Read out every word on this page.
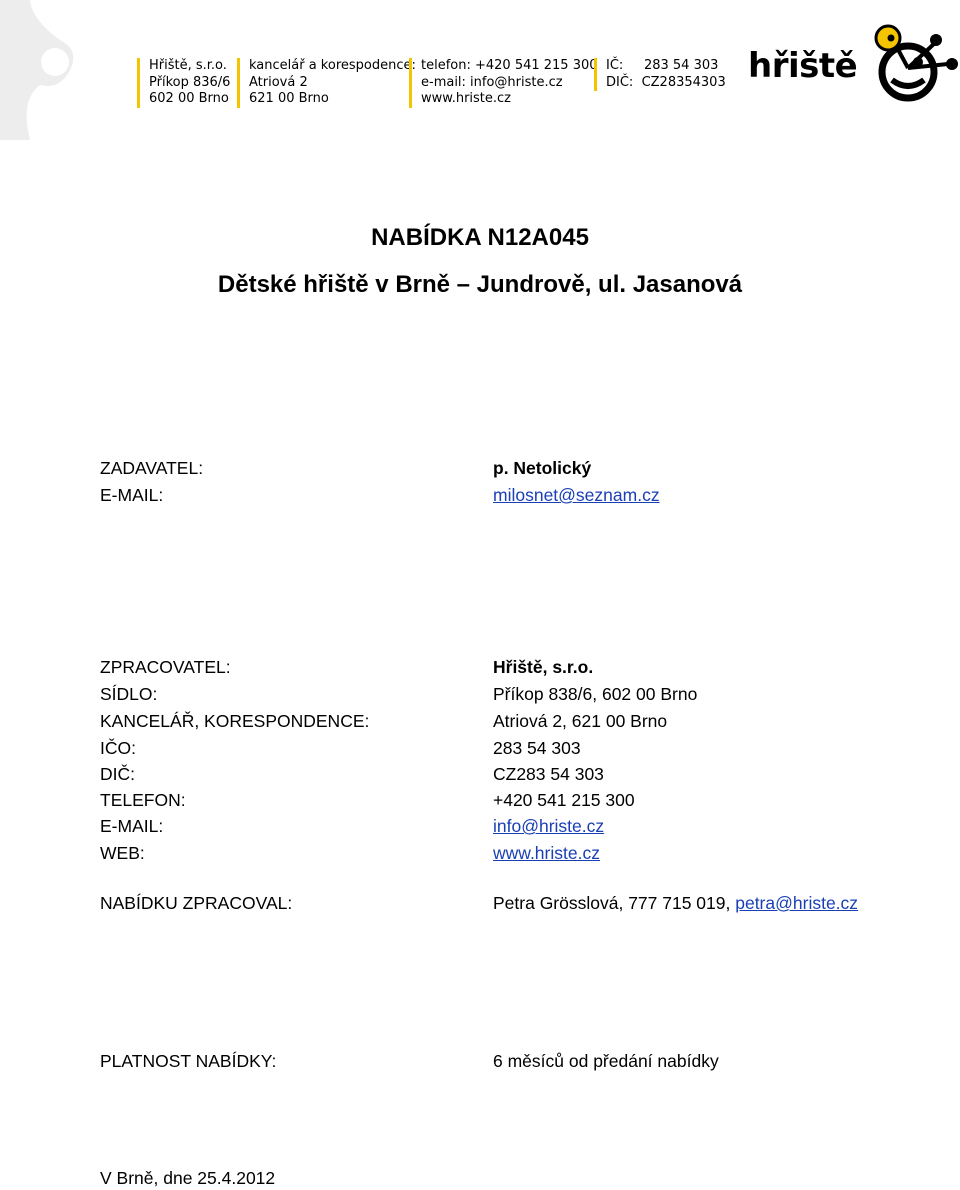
Hřiště, s.r.o.
Příkop 836/6
602 00 Brno
kancelář a korespodence:
Atriová 2
621 00 Brno
telefon: +420 541 215 300
e-mail: info@hriste.cz
www.hriste.cz
IČ:     283 54 303
DIČ:  CZ28354303 hřiště
NABÍDKA N12A045
Dětské hřiště v Brně – Jundrově, ul. Jasanová
ZADAVATEL:	p. Netolický
E-MAIL:	milosnet@seznam.cz
ZPRACOVATEL:	Hřiště, s.r.o.
SÍDLO:	Příkop 838/6, 602 00 Brno
KANCELÁŘ, KORESPONDENCE:	Atriová 2, 621 00 Brno
IČO:	283 54 303
DIČ:	CZ283 54 303
TELEFON:	+420 541 215 300
E-MAIL:	info@hriste.cz
WEB:	www.hriste.cz
NABÍDKU ZPRACOVAL:	Petra Grösslová, 777 715 019, petra@hriste.cz
PLATNOST NABÍDKY:	6 měsíců od předání nabídky
V Brně, dne 25.4.2012
